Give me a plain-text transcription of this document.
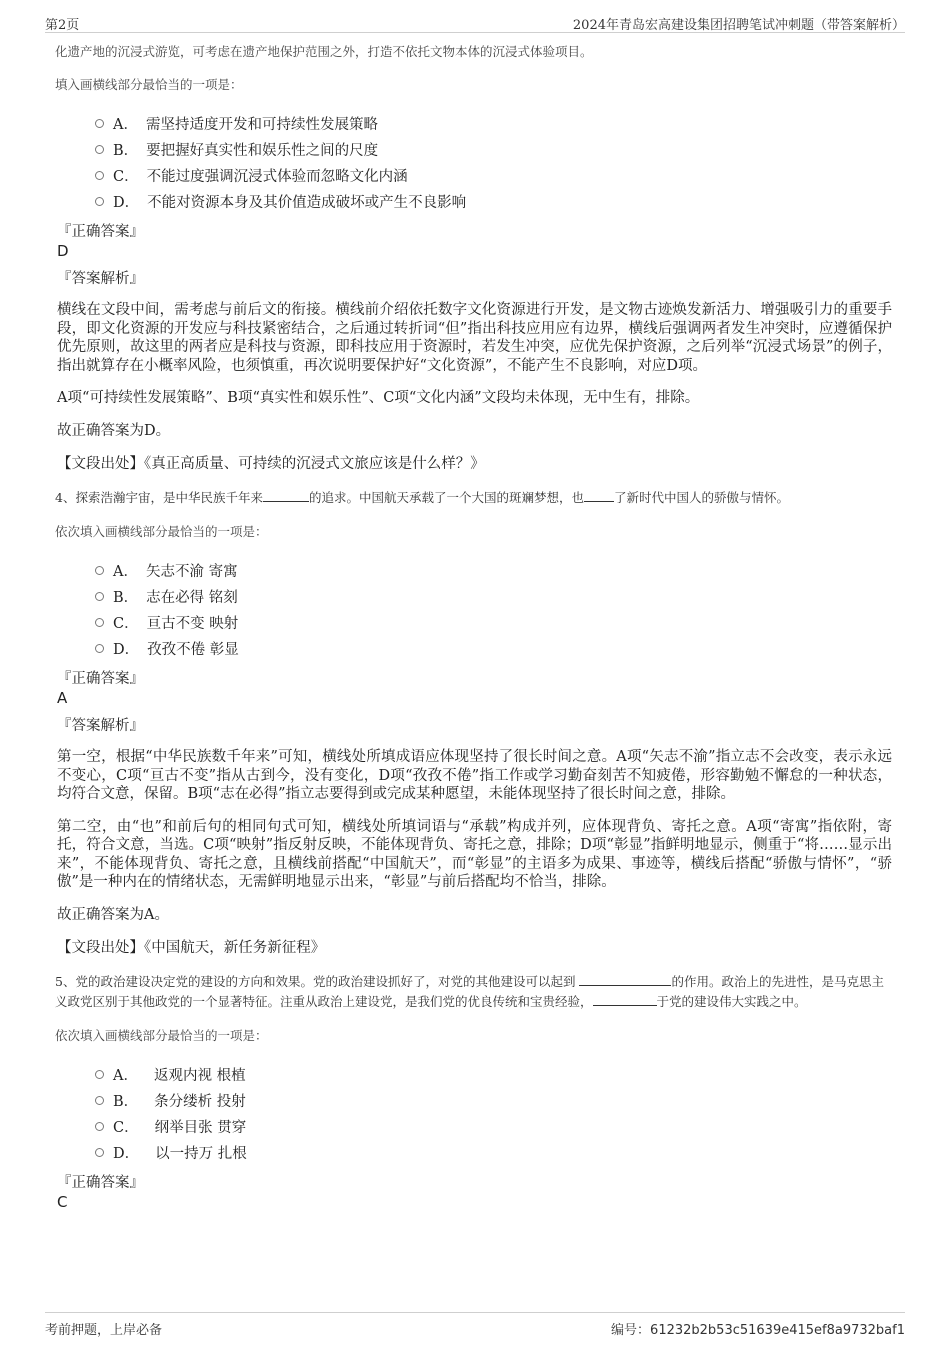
第2页	2024年青岛宏高建设集团招聘笔试冲刺题（带答案解析）

化遗产地的沉浸式游览，可考虑在遗产地保护范围之外，打造不依托文物本体的沉浸式体验项目。

填入画横线部分最恰当的一项是：

A． 需坚持适度开发和可持续性发展策略
B． 要把握好真实性和娱乐性之间的尺度
C． 不能过度强调沉浸式体验而忽略文化内涵
D． 不能对资源本身及其价值造成破坏或产生不良影响
『正确答案』
D
『答案解析』

横线在文段中间，需考虑与前后文的衔接。横线前介绍依托数字文化资源进行开发，是文物古迹焕发新活力、增强吸引力的重要手段，即文化资源的开发应与科技紧密结合，之后通过转折词“但”指出科技应用应有边界，横线后强调两者发生冲突时，应遵循保护优先原则，故这里的两者应是科技与资源，即科技应用于资源时，若发生冲突，应优先保护资源，之后列举“沉浸式场景”的例子，指出就算存在小概率风险，也须慎重，再次说明要保护好“文化资源”，不能产生不良影响，对应D项。

A项“可持续性发展策略”、B项“真实性和娱乐性”、C项“文化内涵”文段均未体现，无中生有，排除。

故正确答案为D。

【文段出处】《真正高质量、可持续的沉浸式文旅应该是什么样？》

4、探索浩瀚宇宙，是中华民族千年来	的追求。中国航天承载了一个大国的斑斓梦想，也 了新时代中国人的骄傲与情怀。

依次填入画横线部分最恰当的一项是：

A． 矢志不渝 寄寓
B． 志在必得 铭刻
C． 亘古不变 映射
D． 孜孜不倦 彰显
『正确答案』
A
『答案解析』

第一空，根据“中华民族数千年来”可知，横线处所填成语应体现坚持了很长时间之意。A项“矢志不渝”指立志不会改变，表示永远不变心，C项“亘古不变”指从古到今，没有变化，D项“孜孜不倦”指工作或学习勤奋刻苦不知疲倦，形容勤勉不懈怠的一种状态，均符合文意，保留。B项“志在必得”指立志要得到或完成某种愿望，未能体现坚持了很长时间之意，排除。

第二空，由“也”和前后句的相同句式可知，横线处所填词语与“承载”构成并列，应体现背负、寄托之意。A项“寄寓”指依附，寄托，符合文意，当选。C项“映射”指反射反映，不能体现背负、寄托之意，排除；D项“彰显”指鲜明地显示，侧重于“将……显示出来”，不能体现背负、寄托之意，且横线前搭配“中国航天”，而“彰显”的主语多为成果、事迹等，横线后搭配“骄傲与情怀”，“骄傲”是一种内在的情绪状态，无需鲜明地显示出来，“彰显”与前后搭配均不恰当，排除。

故正确答案为A。

【文段出处】《中国航天，新任务新征程》

5、党的政治建设决定党的建设的方向和效果。党的政治建设抓好了，对党的其他建设可以起到	的作用。政治上的先进性，是马克思主义政党区别于其他政党的一个显著特征。注重从政治上建设党，是我们党的优良传统和宝贵经验，	于党的建设伟大实践之中。

依次填入画横线部分最恰当的一项是：

A． 返观内视 根植
B． 条分缕析 投射
C． 纲举目张 贯穿
D． 以一持万 扎根
『正确答案』
C
考前押题，上岸必备	编号：61232b2b53c51639e415ef8a9732baf1
